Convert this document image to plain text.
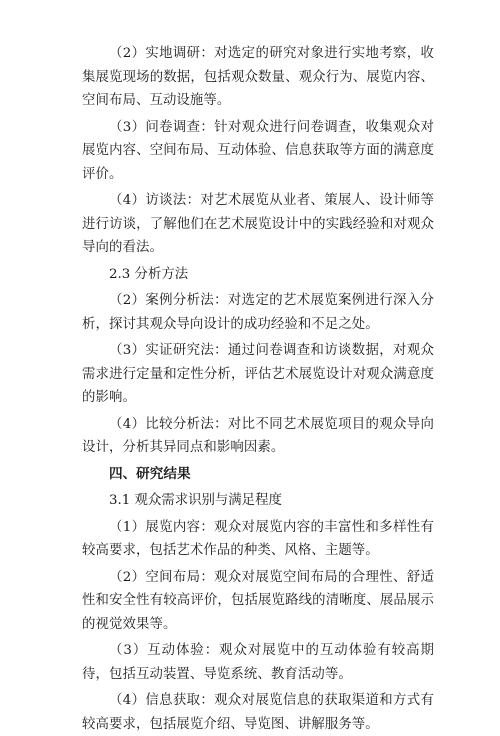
（2）实地调研：对选定的研究对象进行实地考察，收集展览现场的数据，包括观众数量、观众行为、展览内容、空间布局、互动设施等。

（3）问卷调查：针对观众进行问卷调查，收集观众对展览内容、空间布局、互动体验、信息获取等方面的满意度评价。

（4）访谈法：对艺术展览从业者、策展人、设计师等进行访谈，了解他们在艺术展览设计中的实践经验和对观众导向的看法。

2.3 分析方法

（2）案例分析法：对选定的艺术展览案例进行深入分析，探讨其观众导向设计的成功经验和不足之处。

（3）实证研究法：通过问卷调查和访谈数据，对观众需求进行定量和定性分析，评估艺术展览设计对观众满意度的影响。

（4）比较分析法：对比不同艺术展览项目的观众导向设计，分析其异同点和影响因素。

四、研究结果

3.1 观众需求识别与满足程度

（1）展览内容：观众对展览内容的丰富性和多样性有较高要求，包括艺术作品的种类、风格、主题等。

（2）空间布局：观众对展览空间布局的合理性、舒适性和安全性有较高评价，包括展览路线的清晰度、展品展示的视觉效果等。

（3）互动体验：观众对展览中的互动体验有较高期待，包括互动装置、导览系统、教育活动等。

（4）信息获取：观众对展览信息的获取渠道和方式有较高要求，包括展览介绍、导览图、讲解服务等。
